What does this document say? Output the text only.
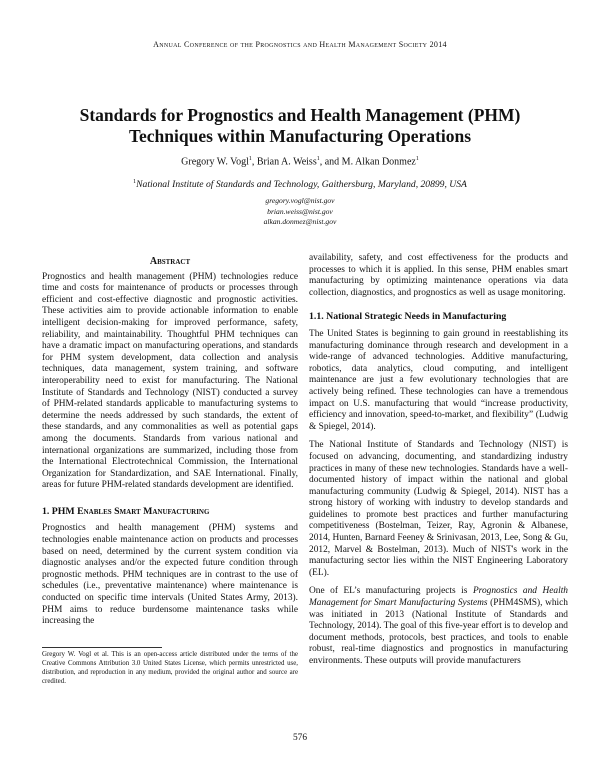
Annual Conference of the Prognostics and Health Management Society 2014
Standards for Prognostics and Health Management (PHM)
Techniques within Manufacturing Operations
Gregory W. Vogl$^1$, Brian A. Weiss$^1$, and M. Alkan Donmez$^1$
$^1$National Institute of Standards and Technology, Gaithersburg, Maryland, 20899, USA
gregory.vogl@nist.gov
brian.weiss@nist.gov
alkan.donmez@nist.gov
Abstract

Prognostics and health management (PHM) technologies reduce time and costs for maintenance of products or processes through efficient and cost-effective diagnostic and prognostic activities. These activities aim to provide actionable information to enable intelligent decision-making for improved performance, safety, reliability, and maintainability. Thoughtful PHM techniques can have a dramatic impact on manufacturing operations, and standards for PHM system development, data collection and analysis techniques, data management, system training, and software interoperability need to exist for manufacturing. The National Institute of Standards and Technology (NIST) conducted a survey of PHM-related standards applicable to manufacturing systems to determine the needs addressed by such standards, the extent of these standards, and any commonalities as well as potential gaps among the documents. Standards from various national and international organizations are summarized, including those from the International Electrotechnical Commission, the International Organization for Standardization, and SAE International. Finally, areas for future PHM-related standards development are identified.

1. PHM Enables Smart Manufacturing

Prognostics and health management (PHM) systems and technologies enable maintenance action on products and processes based on need, determined by the current system condition via diagnostic analyses and/or the expected future condition through prognostic methods. PHM techniques are in contrast to the use of schedules (i.e., preventative maintenance) where maintenance is conducted on specific time intervals (United States Army, 2013). PHM aims to reduce burdensome maintenance tasks while increasing the

Gregory W. Vogl et al. This is an open-access article distributed under the terms of the Creative Commons Attribution 3.0 United States License, which permits unrestricted use, distribution, and reproduction in any medium, provided the original author and source are credited.

availability, safety, and cost effectiveness for the products and processes to which it is applied. In this sense, PHM enables smart manufacturing by optimizing maintenance operations via data collection, diagnostics, and prognostics as well as usage monitoring.

1.1. National Strategic Needs in Manufacturing

The United States is beginning to gain ground in reestablishing its manufacturing dominance through research and development in a wide-range of advanced technologies. Additive manufacturing, robotics, data analytics, cloud computing, and intelligent maintenance are just a few evolutionary technologies that are actively being refined. These technologies can have a tremendous impact on U.S. manufacturing that would “increase productivity, efficiency and innovation, speed-to-market, and flexibility” (Ludwig & Spiegel, 2014).

The National Institute of Standards and Technology (NIST) is focused on advancing, documenting, and standardizing industry practices in many of these new technologies. Standards have a well-documented history of impact within the national and global manufacturing community (Ludwig & Spiegel, 2014). NIST has a strong history of working with industry to develop standards and guidelines to promote best practices and further manufacturing competitiveness (Bostelman, Teizer, Ray, Agronin & Albanese, 2014, Hunten, Barnard Feeney & Srinivasan, 2013, Lee, Song & Gu, 2012, Marvel & Bostelman, 2013). Much of NIST's work in the manufacturing sector lies within the NIST Engineering Laboratory (EL).

One of EL’s manufacturing projects is Prognostics and Health Management for Smart Manufacturing Systems (PHM4SMS), which was initiated in 2013 (National Institute of Standards and Technology, 2014). The goal of this five-year effort is to develop and document methods, protocols, best practices, and tools to enable robust, real-time diagnostics and prognostics in manufacturing environments. These outputs will provide manufacturers

576
